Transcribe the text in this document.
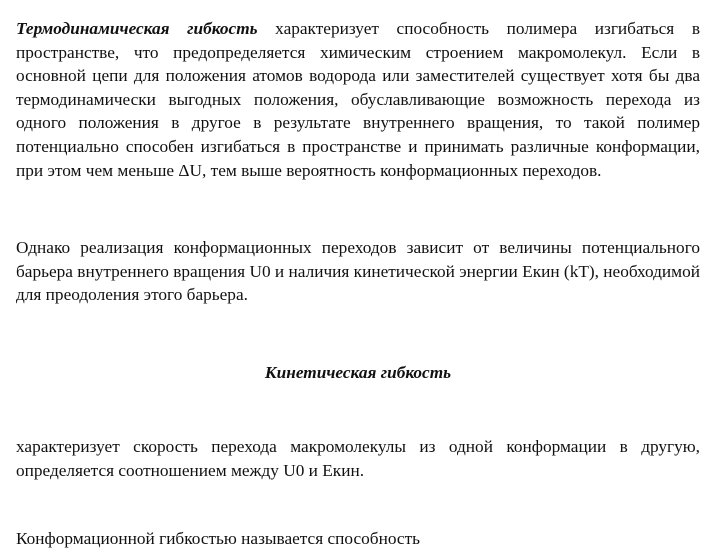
Термодинамическая гибкость характеризует способность полимера изгибаться в пространстве, что предопределяется химическим строением макромолекул. Если в основной цепи для положения атомов водорода или заместителей существует хотя бы два термодинамически выгодных положения, обуславливающие возможность перехода из одного положения в другое в результате внутреннего вращения, то такой полимер потенциально способен изгибаться в пространстве и принимать различные конформации, при этом чем меньше ΔU, тем выше вероятность конформационных переходов.

Однако реализация конформационных переходов зависит от величины потенциального барьера внутреннего вращения U0 и наличия кинетической энергии Екин (kT), необходимой для преодоления этого барьера.

Кинетическая гибкость

характеризует скорость перехода макромолекулы из одной конформации в другую, определяется соотношением между U0 и Екин.

Конформационной гибкостью называется способность
